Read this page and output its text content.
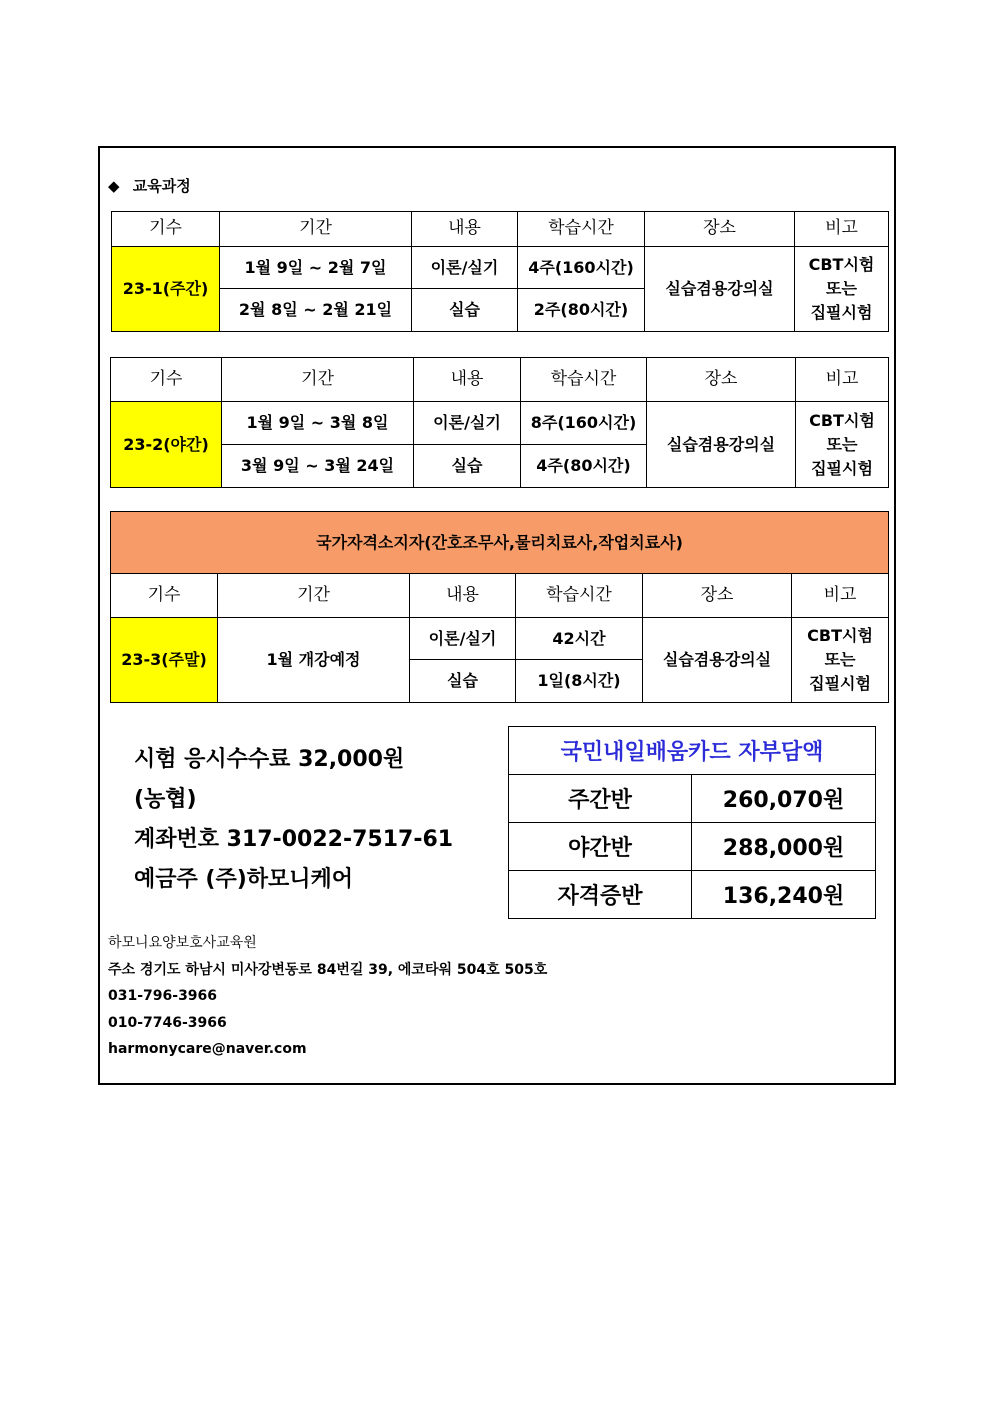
◆ 교육과정
기수	기간	내용	학습시간	장소	비고
23-1(주간)	1월 9일 ~ 2월 7일	이론/실기	4주(160시간)	실습겸용강의실	CBT시험
또는
집필시험

	2월 8일 ~ 2월 21일	실습	2주(80시간)		
기수	기간	내용	학습시간	장소	비고
23-2(야간)	1월 9일 ~ 3월 8일	이론/실기	8주(160시간)	실습겸용강의실	CBT시험
또는
집필시험

	3월 9일 ~ 3월 24일	실습	4주(80시간)		
국가자격소지자(간호조무사,물리치료사,작업치료사)					
기수	기간	내용	학습시간	장소	비고
23-3(주말)	1월 개강예정	이론/실기	42시간	실습겸용강의실	CBT시험
또는
집필시험

		실습	1일(8시간)		
시험 응시수수료 32,000원
(농협)
계좌번호 317-0022-7517-61
예금주 (주)하모니케어
국민내일배움카드 자부담액	
주간반	260,070원
야간반	288,000원
자격증반	136,240원
하모니요양보호사교육원
주소 경기도 하남시 미사강변동로 84번길 39, 에코타워 504호 505호
031-796-3966
010-7746-3966
harmonycare@naver.com
